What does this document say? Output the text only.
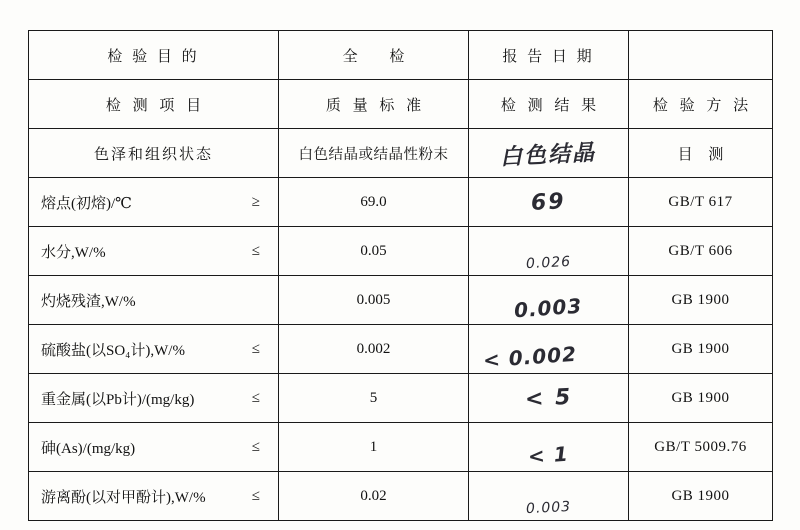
检 验 目 的	全 检	报 告 日 期	
检 测 项 目	质 量 标 准	检 测 结 果	检 验 方 法

色泽和组织状态	白色结晶或结晶性粉末	白色结晶	目 测

熔点(初熔)/℃ ≥	69.0	69	GB/T 617

水分,W/% ≤	0.05	0.026	GB/T 606

灼烧残渣,W/%	0.005	0.003	GB 1900

硫酸盐(以SO₄计),W/% ≤	0.002	< 0.002	GB 1900

重金属(以Pb计)/(mg/kg) ≤	5	< 5	GB 1900

砷(As)/(mg/kg) ≤	1	< 1	GB/T 5009.76

游离酚(以对甲酚计),W/% ≤	0.02	0.003	GB 1900
